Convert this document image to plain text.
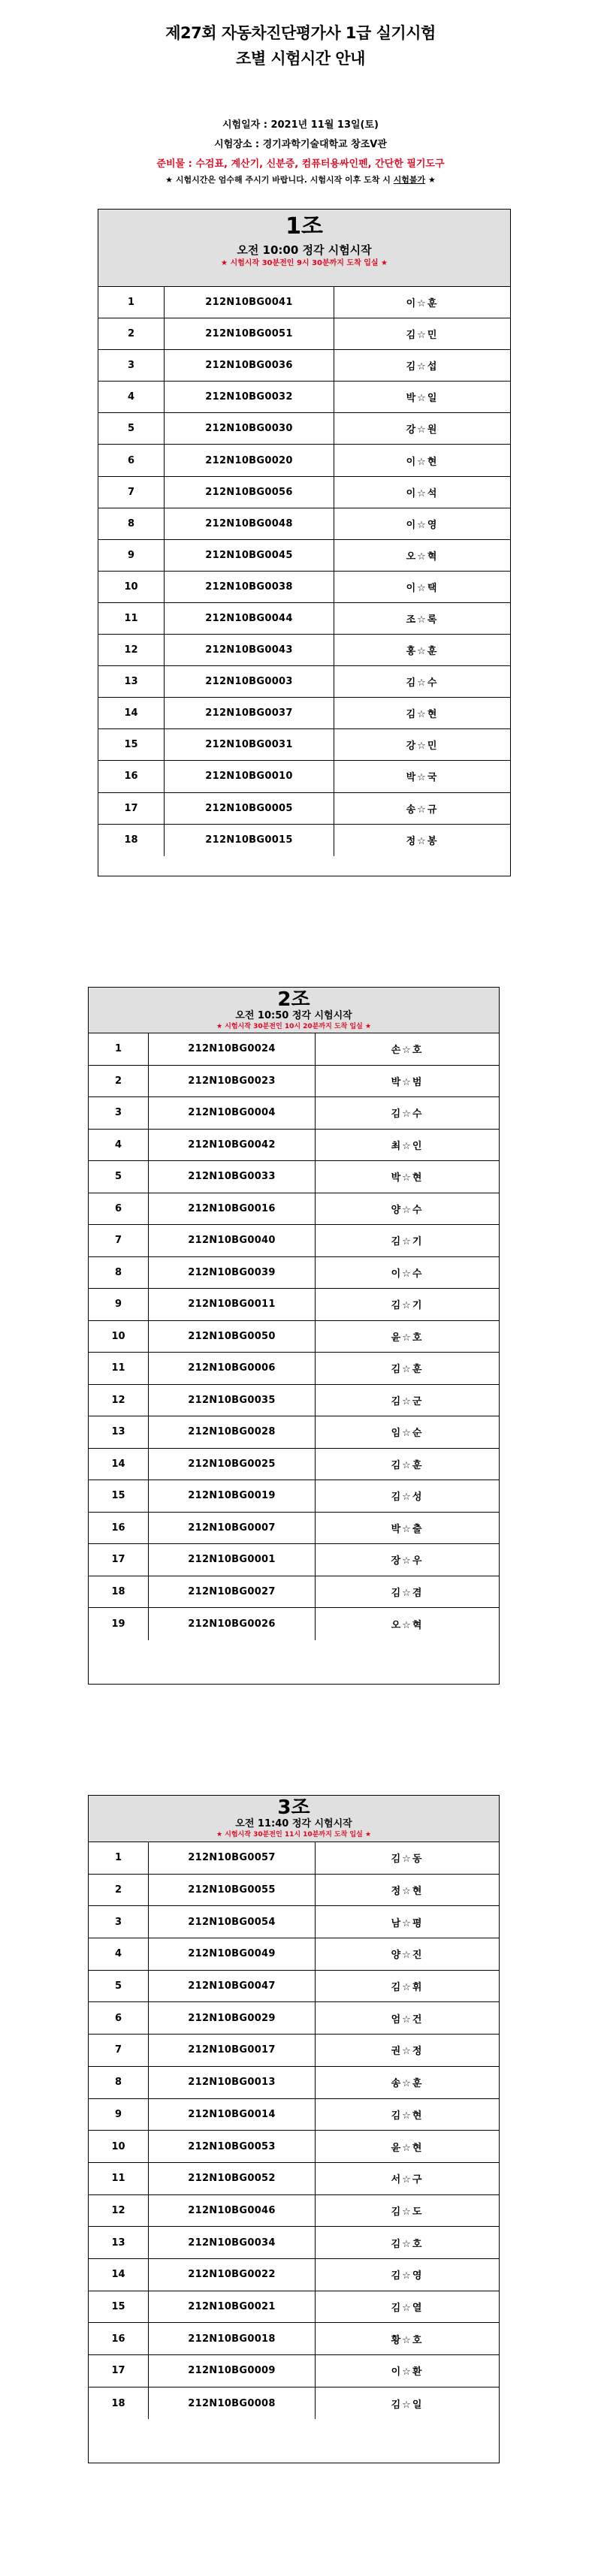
제27회 자동차진단평가사 1급 실기시험
조별 시험시간 안내
시험일자 : 2021년 11월 13일(토)
시험장소 : 경기과학기술대학교 창조V관
준비물 : 수검표, 계산기, 신분증, 컴퓨터용싸인펜, 간단한 필기도구
★ 시험시간은 엄수해 주시기 바랍니다. 시험시작 이후 도착 시 시험불가 ★
1조
오전 10:00 정각 시험시작
★ 시험시작 30분전인 9시 30분까지 도착 입실 ★
1	212N10BG0041	이☆훈
2	212N10BG0051	김☆민
3	212N10BG0036	김☆섭
4	212N10BG0032	박☆일
5	212N10BG0030	강☆원
6	212N10BG0020	이☆현
7	212N10BG0056	이☆석
8	212N10BG0048	이☆영
9	212N10BG0045	오☆혁
10	212N10BG0038	이☆택
11	212N10BG0044	조☆록
12	212N10BG0043	홍☆훈
13	212N10BG0003	김☆수
14	212N10BG0037	김☆현
15	212N10BG0031	강☆민
16	212N10BG0010	박☆국
17	212N10BG0005	송☆규
18	212N10BG0015	정☆봉
2조
오전 10:50 정각 시험시작
★ 시험시작 30분전인 10시 20분까지 도착 입실 ★
1	212N10BG0024	손☆호
2	212N10BG0023	박☆범
3	212N10BG0004	김☆수
4	212N10BG0042	최☆인
5	212N10BG0033	박☆현
6	212N10BG0016	양☆수
7	212N10BG0040	김☆기
8	212N10BG0039	이☆수
9	212N10BG0011	김☆기
10	212N10BG0050	윤☆호
11	212N10BG0006	김☆훈
12	212N10BG0035	김☆군
13	212N10BG0028	임☆순
14	212N10BG0025	김☆훈
15	212N10BG0019	김☆성
16	212N10BG0007	박☆출
17	212N10BG0001	장☆우
18	212N10BG0027	김☆겸
19	212N10BG0026	오☆혁
3조
오전 11:40 정각 시험시작
★ 시험시작 30분전인 11시 10분까지 도착 입실 ★
1	212N10BG0057	김☆동
2	212N10BG0055	정☆현
3	212N10BG0054	남☆평
4	212N10BG0049	양☆진
5	212N10BG0047	김☆휘
6	212N10BG0029	엄☆건
7	212N10BG0017	권☆정
8	212N10BG0013	송☆훈
9	212N10BG0014	김☆현
10	212N10BG0053	윤☆현
11	212N10BG0052	서☆구
12	212N10BG0046	김☆도
13	212N10BG0034	김☆호
14	212N10BG0022	김☆영
15	212N10BG0021	김☆열
16	212N10BG0018	황☆호
17	212N10BG0009	이☆환
18	212N10BG0008	김☆일
